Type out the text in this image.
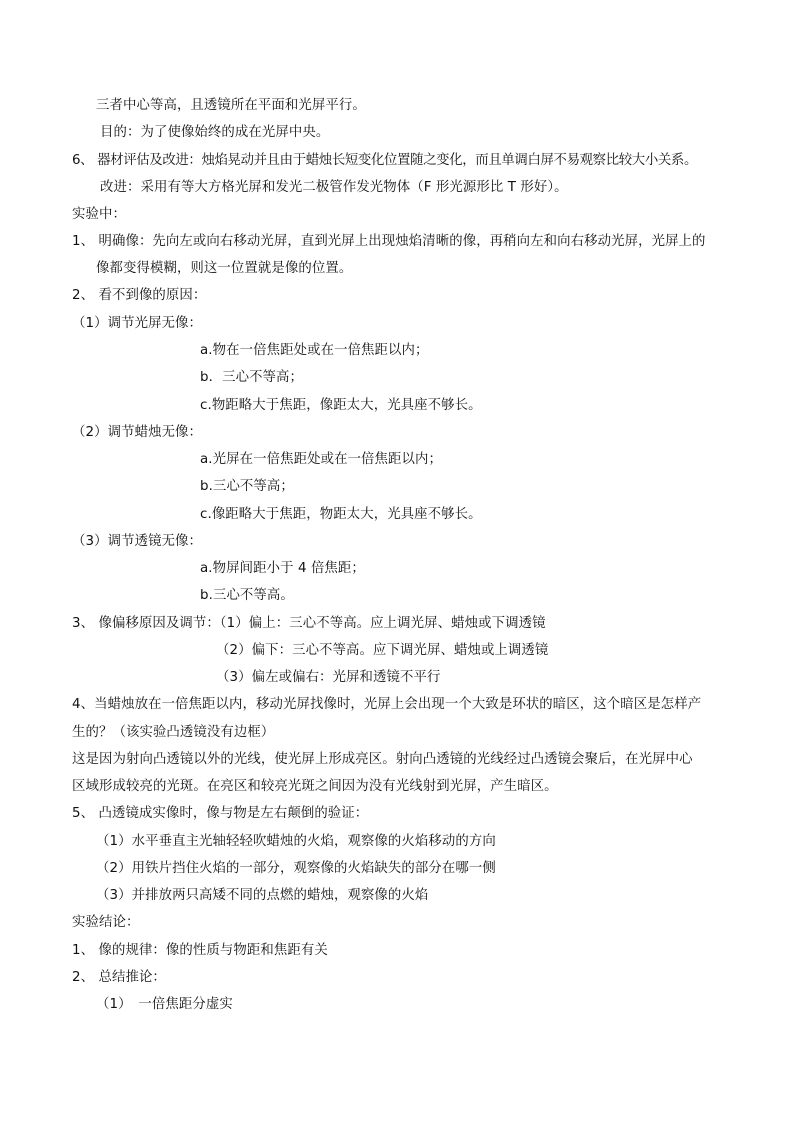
三者中心等高，且透镜所在平面和光屏平行。
目的：为了使像始终的成在光屏中央。
6、 器材评估及改进：烛焰晃动并且由于蜡烛长短变化位置随之变化，而且单调白屏不易观察比较大小关系。
改进：采用有等大方格光屏和发光二极管作发光物体（F 形光源形比 T 形好）。
实验中：
1、 明确像：先向左或向右移动光屏，直到光屏上出现烛焰清晰的像，再稍向左和向右移动光屏，光屏上的
像都变得模糊，则这一位置就是像的位置。
2、 看不到像的原因：
（1）调节光屏无像：
a.物在一倍焦距处或在一倍焦距以内；
b．三心不等高；
c.物距略大于焦距，像距太大，光具座不够长。
（2）调节蜡烛无像：
a.光屏在一倍焦距处或在一倍焦距以内；
b.三心不等高；
c.像距略大于焦距，物距太大，光具座不够长。
（3）调节透镜无像：
a.物屏间距小于 4 倍焦距；
b.三心不等高。
3、 像偏移原因及调节：（1）偏上：三心不等高。应上调光屏、蜡烛或下调透镜
（2）偏下：三心不等高。应下调光屏、蜡烛或上调透镜
（3）偏左或偏右：光屏和透镜不平行
4、当蜡烛放在一倍焦距以内，移动光屏找像时，光屏上会出现一个大致是环状的暗区，这个暗区是怎样产
生的？（该实验凸透镜没有边框）
这是因为射向凸透镜以外的光线，使光屏上形成亮区。射向凸透镜的光线经过凸透镜会聚后，在光屏中心
区域形成较亮的光斑。在亮区和较亮光斑之间因为没有光线射到光屏，产生暗区。
5、 凸透镜成实像时，像与物是左右颠倒的验证：
（1）水平垂直主光轴轻轻吹蜡烛的火焰，观察像的火焰移动的方向
（2）用铁片挡住火焰的一部分，观察像的火焰缺失的部分在哪一侧
（3）并排放两只高矮不同的点燃的蜡烛，观察像的火焰
实验结论：
1、 像的规律：像的性质与物距和焦距有关
2、 总结推论：
（1）　一倍焦距分虚实
